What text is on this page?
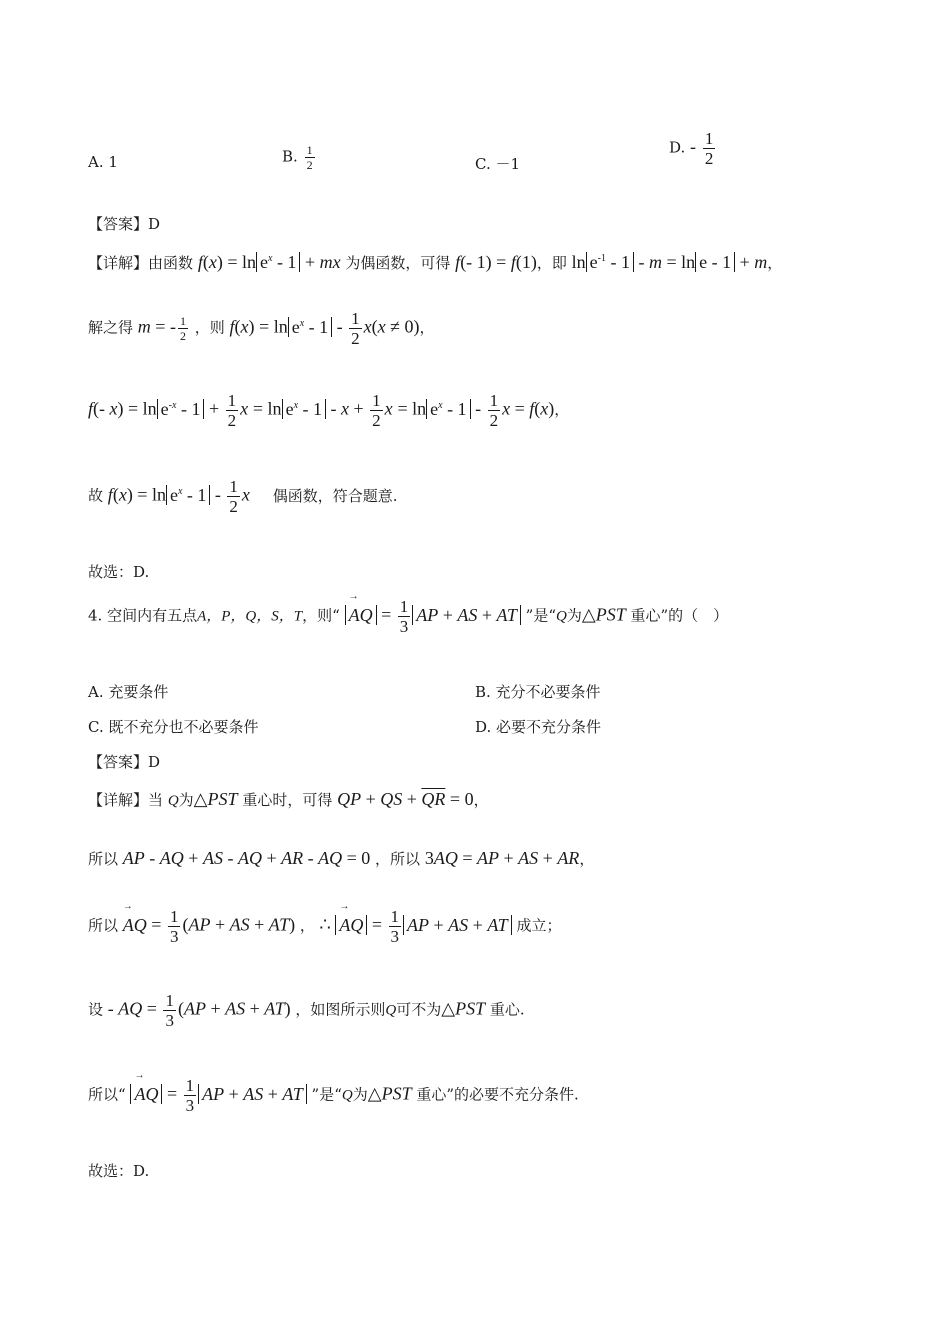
A. 1	B. $\frac{1}{2}$	C. －1
D. - $\frac{1}{2}$
【答案】D
【详解】由函数 $f(x) = \ln e^x - 1$ + mx 为偶函数，可得 f(- 1) = f(1)，即 $\ln e^{-1} - 1 - m = \ln e - 1 + m$，
解之得 m = - $\frac{1}{2}$ ，则 $f(x) = \ln e^x - 1 - \frac{1}{2} x(x \ne 0)$，
f(- $x) = \ln e^{-x} - 1 + \frac{1}{2}$ $x = \ln e^x - 1 - x + \frac{1}{2}$ $x = \ln e^x - 1 - \frac{1}{2}$ x = f(x)，
故 $f(x) = \ln e^x - 1 - \frac{1}{2}$ x 偶函数，符合题意.
故选：D.
4. 空间内有五点A，P，Q，S，T，则“ → AQ = $\frac{1}{3}$ AP + AS + AT ”是“Q为△PST 重心”的（　）
A. 充要条件	B. 充分不必要条件
C. 既不充分也不必要条件	D. 必要不充分条件
【答案】D
【详解】当 Q为△PST 重心时，可得 QP + QS + $\overline{QR} = 0$，
所以 AP - AQ + AS - AQ + AR - AQ = 0 ，所以 3AQ = AP + AS + AR，
所以 → AQ = $\frac{1}{3} (AP$ + AS + AT) ， ∴ → AQ = $\frac{1}{3}$ AP + AS + AT 成立；
设 - AQ = $\frac{1}{3} (AP$ + AS + AT) ，如图所示则Q可不为△PST 重心.
所以“ → AQ = $\frac{1}{3}$ AP + AS + AT ”是“Q为△PST 重心”的必要不充分条件.
故选：D.
